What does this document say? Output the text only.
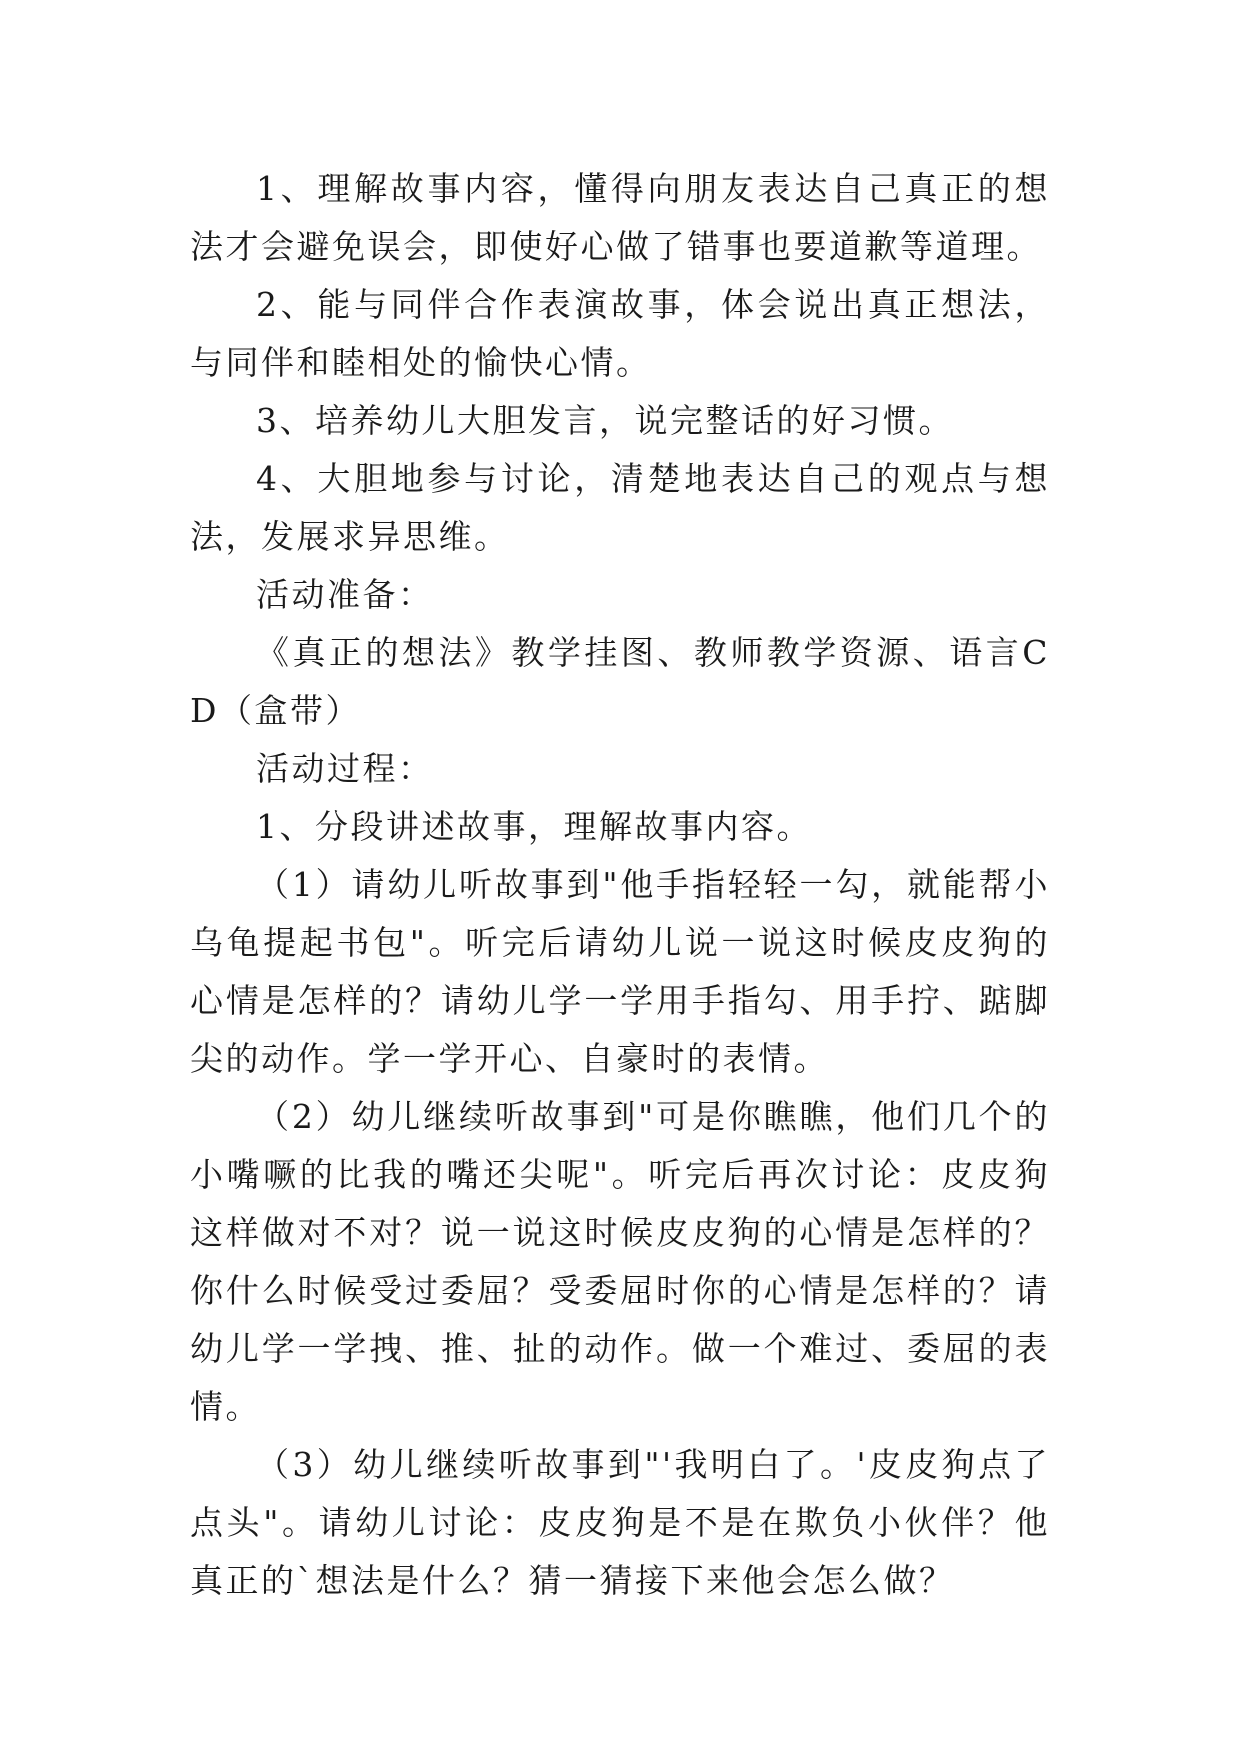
1、理解故事内容，懂得向朋友表达自己真正的想法才会避免误会，即使好心做了错事也要道歉等道理。

2、能与同伴合作表演故事，体会说出真正想法，与同伴和睦相处的愉快心情。

3、培养幼儿大胆发言，说完整话的好习惯。

4、大胆地参与讨论，清楚地表达自己的观点与想法，发展求异思维。

活动准备：

《真正的想法》教学挂图、教师教学资源、语言CD（盒带）

活动过程：

1、分段讲述故事，理解故事内容。

（1）请幼儿听故事到"他手指轻轻一勾，就能帮小乌龟提起书包"。听完后请幼儿说一说这时候皮皮狗的心情是怎样的？请幼儿学一学用手指勾、用手拧、踮脚尖的动作。学一学开心、自豪时的表情。

（2）幼儿继续听故事到"可是你瞧瞧，他们几个的小嘴噘的比我的嘴还尖呢"。听完后再次讨论：皮皮狗这样做对不对？说一说这时候皮皮狗的心情是怎样的？你什么时候受过委屈？受委屈时你的心情是怎样的？请幼儿学一学拽、推、扯的动作。做一个难过、委屈的表情。

（3）幼儿继续听故事到"'我明白了。'皮皮狗点了点头"。请幼儿讨论：皮皮狗是不是在欺负小伙伴？他真正的`想法是什么？猜一猜接下来他会怎么做？
